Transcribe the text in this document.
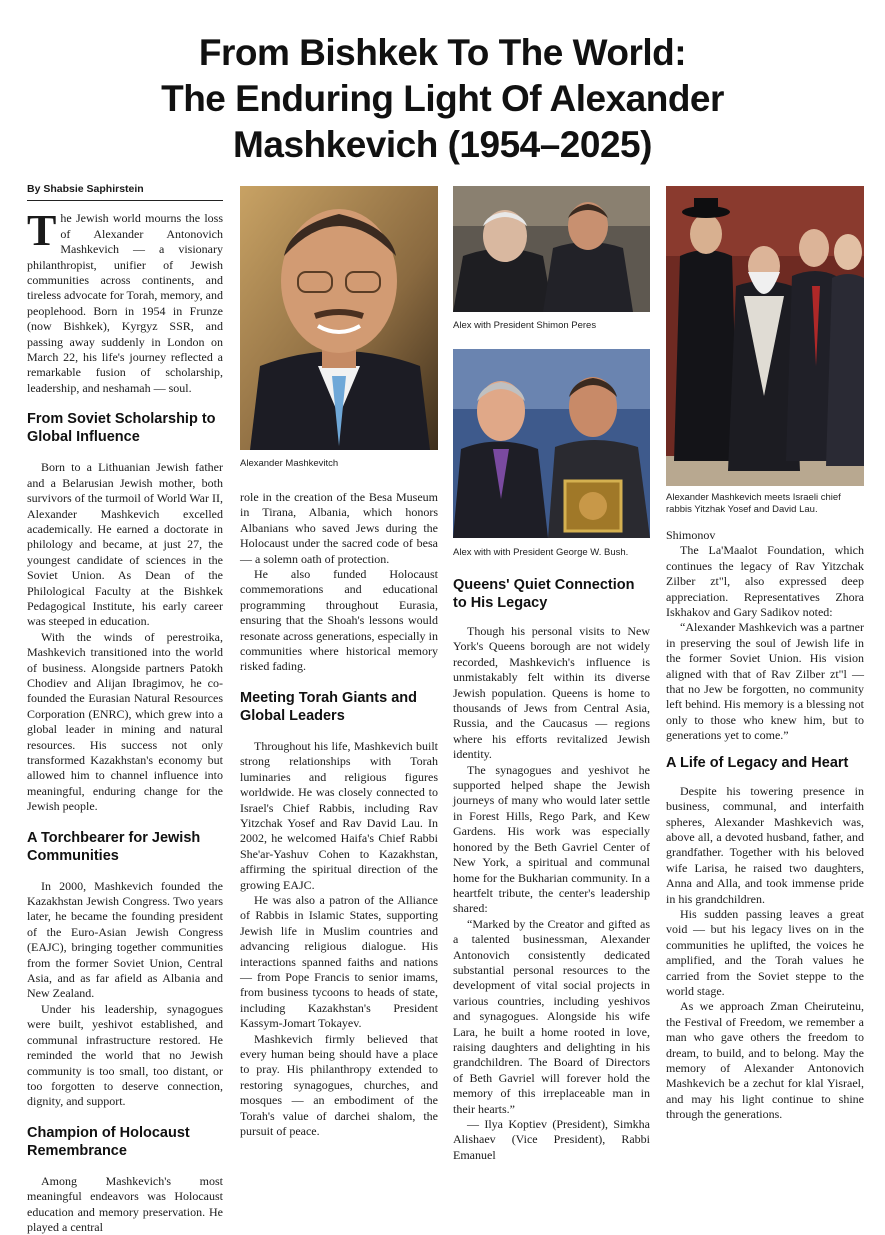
From Bishkek To The World:
The Enduring Light Of Alexander
Mashkevich (1954–2025)
By Shabsie Saphirstein

The Jewish world mourns the loss of Alexander Antonovich Mashkevich — a visionary philanthropist, unifier of Jewish communities across continents, and tireless advocate for Torah, memory, and peoplehood. Born in 1954 in Frunze (now Bishkek), Kyrgyz SSR, and passing away suddenly in London on March 22, his life's journey reflected a remarkable fusion of scholarship, leadership, and neshamah — soul.

From Soviet Scholarship to Global Influence

Born to a Lithuanian Jewish father and a Belarusian Jewish mother, both survivors of the turmoil of World War II, Alexander Mashkevich excelled academically. He earned a doctorate in philology and became, at just 27, the youngest candidate of sciences in the Soviet Union. As Dean of the Philological Faculty at the Bishkek Pedagogical Institute, his early career was steeped in education.

With the winds of perestroika, Mashkevich transitioned into the world of business. Alongside partners Patokh Chodiev and Alijan Ibragimov, he co-founded the Eurasian Natural Resources Corporation (ENRC), which grew into a global leader in mining and natural resources. His success not only transformed Kazakhstan's economy but allowed him to channel influence into meaningful, enduring change for the Jewish people.

A Torchbearer for Jewish Communities

In 2000, Mashkevich founded the Kazakhstan Jewish Congress. Two years later, he became the founding president of the Euro-Asian Jewish Congress (EAJC), bringing together communities from the former Soviet Union, Central Asia, and as far afield as Albania and New Zealand.

Under his leadership, synagogues were built, yeshivot established, and communal infrastructure restored. He reminded the world that no Jewish community is too small, too distant, or too forgotten to deserve connection, dignity, and support.

Champion of Holocaust Remembrance

Among Mashkevich's most meaningful endeavors was Holocaust education and memory preservation. He played a central

Alexander Mashkevitch

role in the creation of the Besa Museum in Tirana, Albania, which honors Albanians who saved Jews during the Holocaust under the sacred code of besa — a solemn oath of protection.

He also funded Holocaust commemorations and educational programming throughout Eurasia, ensuring that the Shoah's lessons would resonate across generations, especially in communities where historical memory risked fading.

Meeting Torah Giants and Global Leaders

Throughout his life, Mashkevich built strong relationships with Torah luminaries and religious figures worldwide. He was closely connected to Israel's Chief Rabbis, including Rav Yitzchak Yosef and Rav David Lau. In 2002, he welcomed Haifa's Chief Rabbi She'ar-Yashuv Cohen to Kazakhstan, affirming the spiritual direction of the growing EAJC.

He was also a patron of the Alliance of Rabbis in Islamic States, supporting Jewish life in Muslim countries and advancing religious dialogue. His interactions spanned faiths and nations — from Pope Francis to senior imams, from business tycoons to heads of state, including Kazakhstan's President Kassym-Jomart Tokayev.

Mashkevich firmly believed that every human being should have a place to pray. His philanthropy extended to restoring synagogues, churches, and mosques — an embodiment of the Torah's value of darchei shalom, the pursuit of peace.

Alex with President Shimon Peres
Alex with with President George W. Bush.
Queens' Quiet Connection to His Legacy

Though his personal visits to New York's Queens borough are not widely recorded, Mashkevich's influence is unmistakably felt within its diverse Jewish population. Queens is home to thousands of Jews from Central Asia, Russia, and the Caucasus — regions where his efforts revitalized Jewish identity.

The synagogues and yeshivot he supported helped shape the Jewish journeys of many who would later settle in Forest Hills, Rego Park, and Kew Gardens. His work was especially honored by the Beth Gavriel Center of New York, a spiritual and communal home for the Bukharian community. In a heartfelt tribute, the center's leadership shared:

“Marked by the Creator and gifted as a talented businessman, Alexander Antonovich consistently dedicated substantial personal resources to the development of vital social projects in various countries, including yeshivos and synagogues. Alongside his wife Lara, he built a home rooted in love, raising daughters and delighting in his grandchildren. The Board of Directors of Beth Gavriel will forever hold the memory of this irreplaceable man in their hearts.”

— Ilya Koptiev (President), Simkha Alishaev (Vice President), Rabbi Emanuel

Alexander Mashkevich meets Israeli chief rabbis Yitzhak Yosef and David Lau.

Shimonov

The La'Maalot Foundation, which continues the legacy of Rav Yitzchak Zilber zt"l, also expressed deep appreciation. Representatives Zhora Iskhakov and Gary Sadikov noted:

“Alexander Mashkevich was a partner in preserving the soul of Jewish life in the former Soviet Union. His vision aligned with that of Rav Zilber zt"l — that no Jew be forgotten, no community left behind. His memory is a blessing not only to those who knew him, but to generations yet to come.”

A Life of Legacy and Heart

Despite his towering presence in business, communal, and interfaith spheres, Alexander Mashkevich was, above all, a devoted husband, father, and grandfather. Together with his beloved wife Larisa, he raised two daughters, Anna and Alla, and took immense pride in his grandchildren.

His sudden passing leaves a great void — but his legacy lives on in the communities he uplifted, the voices he amplified, and the Torah values he carried from the Soviet steppe to the world stage.

As we approach Zman Cheiruteinu, the Festival of Freedom, we remember a man who gave others the freedom to dream, to build, and to belong. May the memory of Alexander Antonovich Mashkevich be a zechut for klal Yisrael, and may his light continue to shine through the generations.
